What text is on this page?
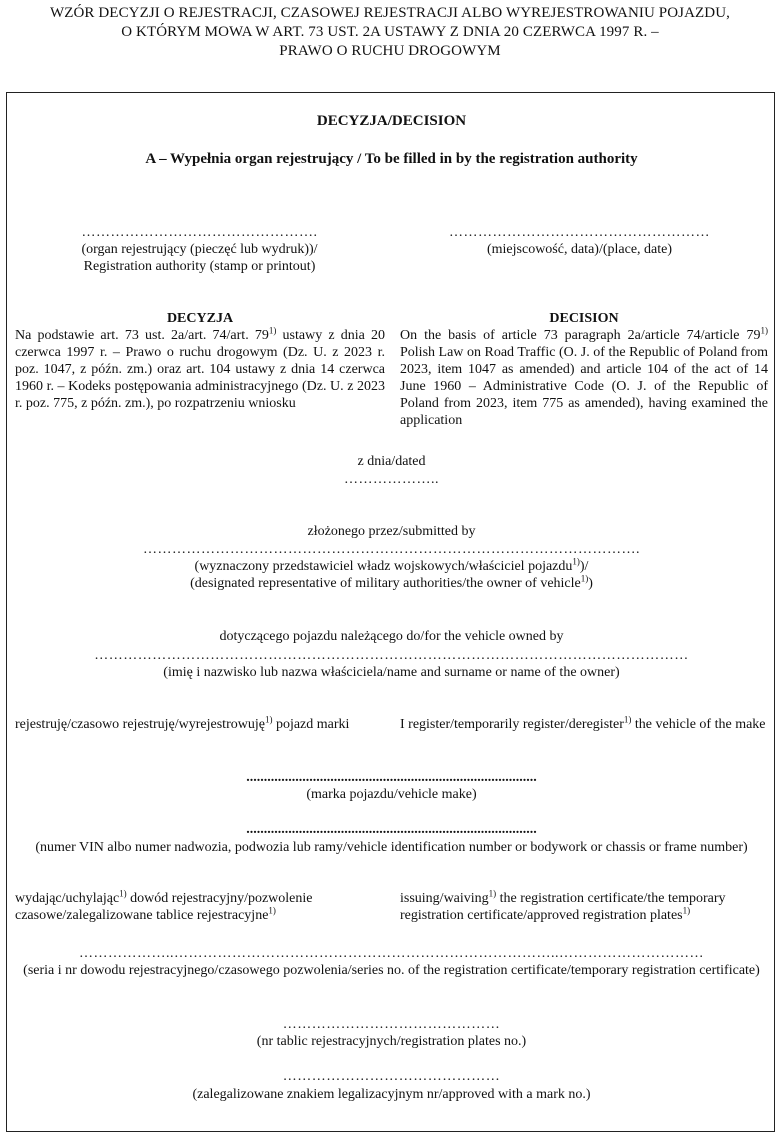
WZÓR DECYZJI O REJESTRACJI, CZASOWEJ REJESTRACJI ALBO WYREJESTROWANIU POJAZDU,
O KTÓRYM MOWA W ART. 73 UST. 2A USTAWY Z DNIA 20 CZERWCA 1997 R. –
PRAWO O RUCHU DROGOWYM
DECYZJA/DECISION
A – Wypełnia organ rejestrujący / To be filled in by the registration authority
………………………………………….
(organ rejestrujący (pieczęć lub wydruk))/
Registration authority (stamp or printout)
………………………………………………
(miejscowość, data)/(place, date)
DECYZJA
Na podstawie art. 73 ust. 2a/art. 74/art. 79$^{1)}$ ustawy z dnia 20 czerwca 1997 r. – Prawo o ruchu drogowym (Dz. U. z 2023 r. poz. 1047, z późn. zm.) oraz art. 104 ustawy z dnia 14 czerwca 1960 r. – Kodeks postępowania administracyjnego (Dz. U. z 2023 r. poz. 775, z późn. zm.), po rozpatrzeniu wniosku
DECISION
On the basis of article 73 paragraph 2a/article 74/article 79$^{1)}$ Polish Law on Road Traffic (O. J. of the Republic of Poland from 2023, item 1047 as amended) and article 104 of the act of 14 June 1960 – Administrative Code (O. J. of the Republic of Poland from 2023, item 775 as amended), having examined the application
z dnia/dated
………………..
złożonego przez/submitted by
………………………………………………………………………………………….
(wyznaczony przedstawiciel władz wojskowych/właściciel pojazdu$^{1)}$)/
(designated representative of military authorities/the owner of vehicle$^{1)}$)
dotyczącego pojazdu należącego do/for the vehicle owned by
……………………………………………………………………………………………………………
(imię i nazwisko lub nazwa właściciela/name and surname or name of the owner)
rejestruję/czasowo rejestruję/wyrejestrowuję$^{1)}$ pojazd marki	I register/temporarily register/deregister$^{1)}$ the vehicle of the make
...................................................................................
(marka pojazdu/vehicle make)
...................................................................................
(numer VIN albo numer nadwozia, podwozia lub ramy/vehicle identification number or bodywork or chassis or frame number)
wydając/uchylając$^{1)}$ dowód rejestracyjny/pozwolenie czasowe/zalegalizowane tablice rejestracyjne$^{1)}$
issuing/waiving$^{1)}$ the registration certificate/the temporary registration certificate/approved registration plates$^{1)}$
………………..……………………………………………………………………..…………………………
(seria i nr dowodu rejestracyjnego/czasowego pozwolenia/series no. of the registration certificate/temporary registration certificate)
………………………………………
(nr tablic rejestracyjnych/registration plates no.)
………………………………………
(zalegalizowane znakiem legalizacyjnym nr/approved with a mark no.)
